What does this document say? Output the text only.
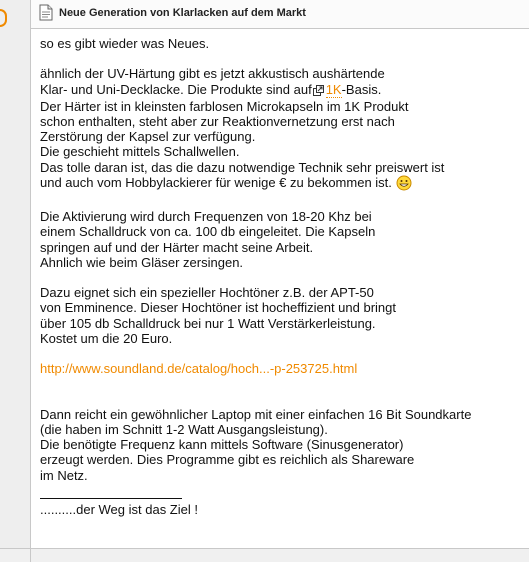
Neue Generation von Klarlacken auf dem Markt

so es gibt wieder was Neues.

ähnlich der UV-Härtung gibt es jetzt akkustisch aushärtende
Klar- und Uni-Decklacke. Die Produkte sind auf 1K-Basis.
Der Härter ist in kleinsten farblosen Microkapseln im 1K Produkt
schon enthalten, steht aber zur Reaktionvernetzung erst nach
Zerstörung der Kapsel zur verfügung.
Die geschieht mittels Schallwellen.
Das tolle daran ist, das die dazu notwendige Technik sehr preiswert ist
und auch vom Hobbylackierer für wenige € zu bekommen ist.

Die Aktivierung wird durch Frequenzen von 18-20 Khz bei
einem Schalldruck von ca. 100 db eingeleitet. Die Kapseln
springen auf und der Härter macht seine Arbeit.
Ahnlich wie beim Gläser zersingen.

Dazu eignet sich ein spezieller Hochtöner z.B. der APT-50
von Emminence. Dieser Hochtöner ist hocheffizient und bringt
über 105 db Schalldruck bei nur 1 Watt Verstärkerleistung.
Kostet um die 20 Euro.

http://www.soundland.de/catalog/hoch...-p-253725.html

Dann reicht ein gewöhnlicher Laptop mit einer einfachen 16 Bit Soundkarte
(die haben im Schnitt 1-2 Watt Ausgangsleistung).
Die benötigte Frequenz kann mittels Software (Sinusgenerator)
erzeugt werden. Dies Programme gibt es reichlich als Shareware
im Netz.

..........der Weg ist das Ziel !
